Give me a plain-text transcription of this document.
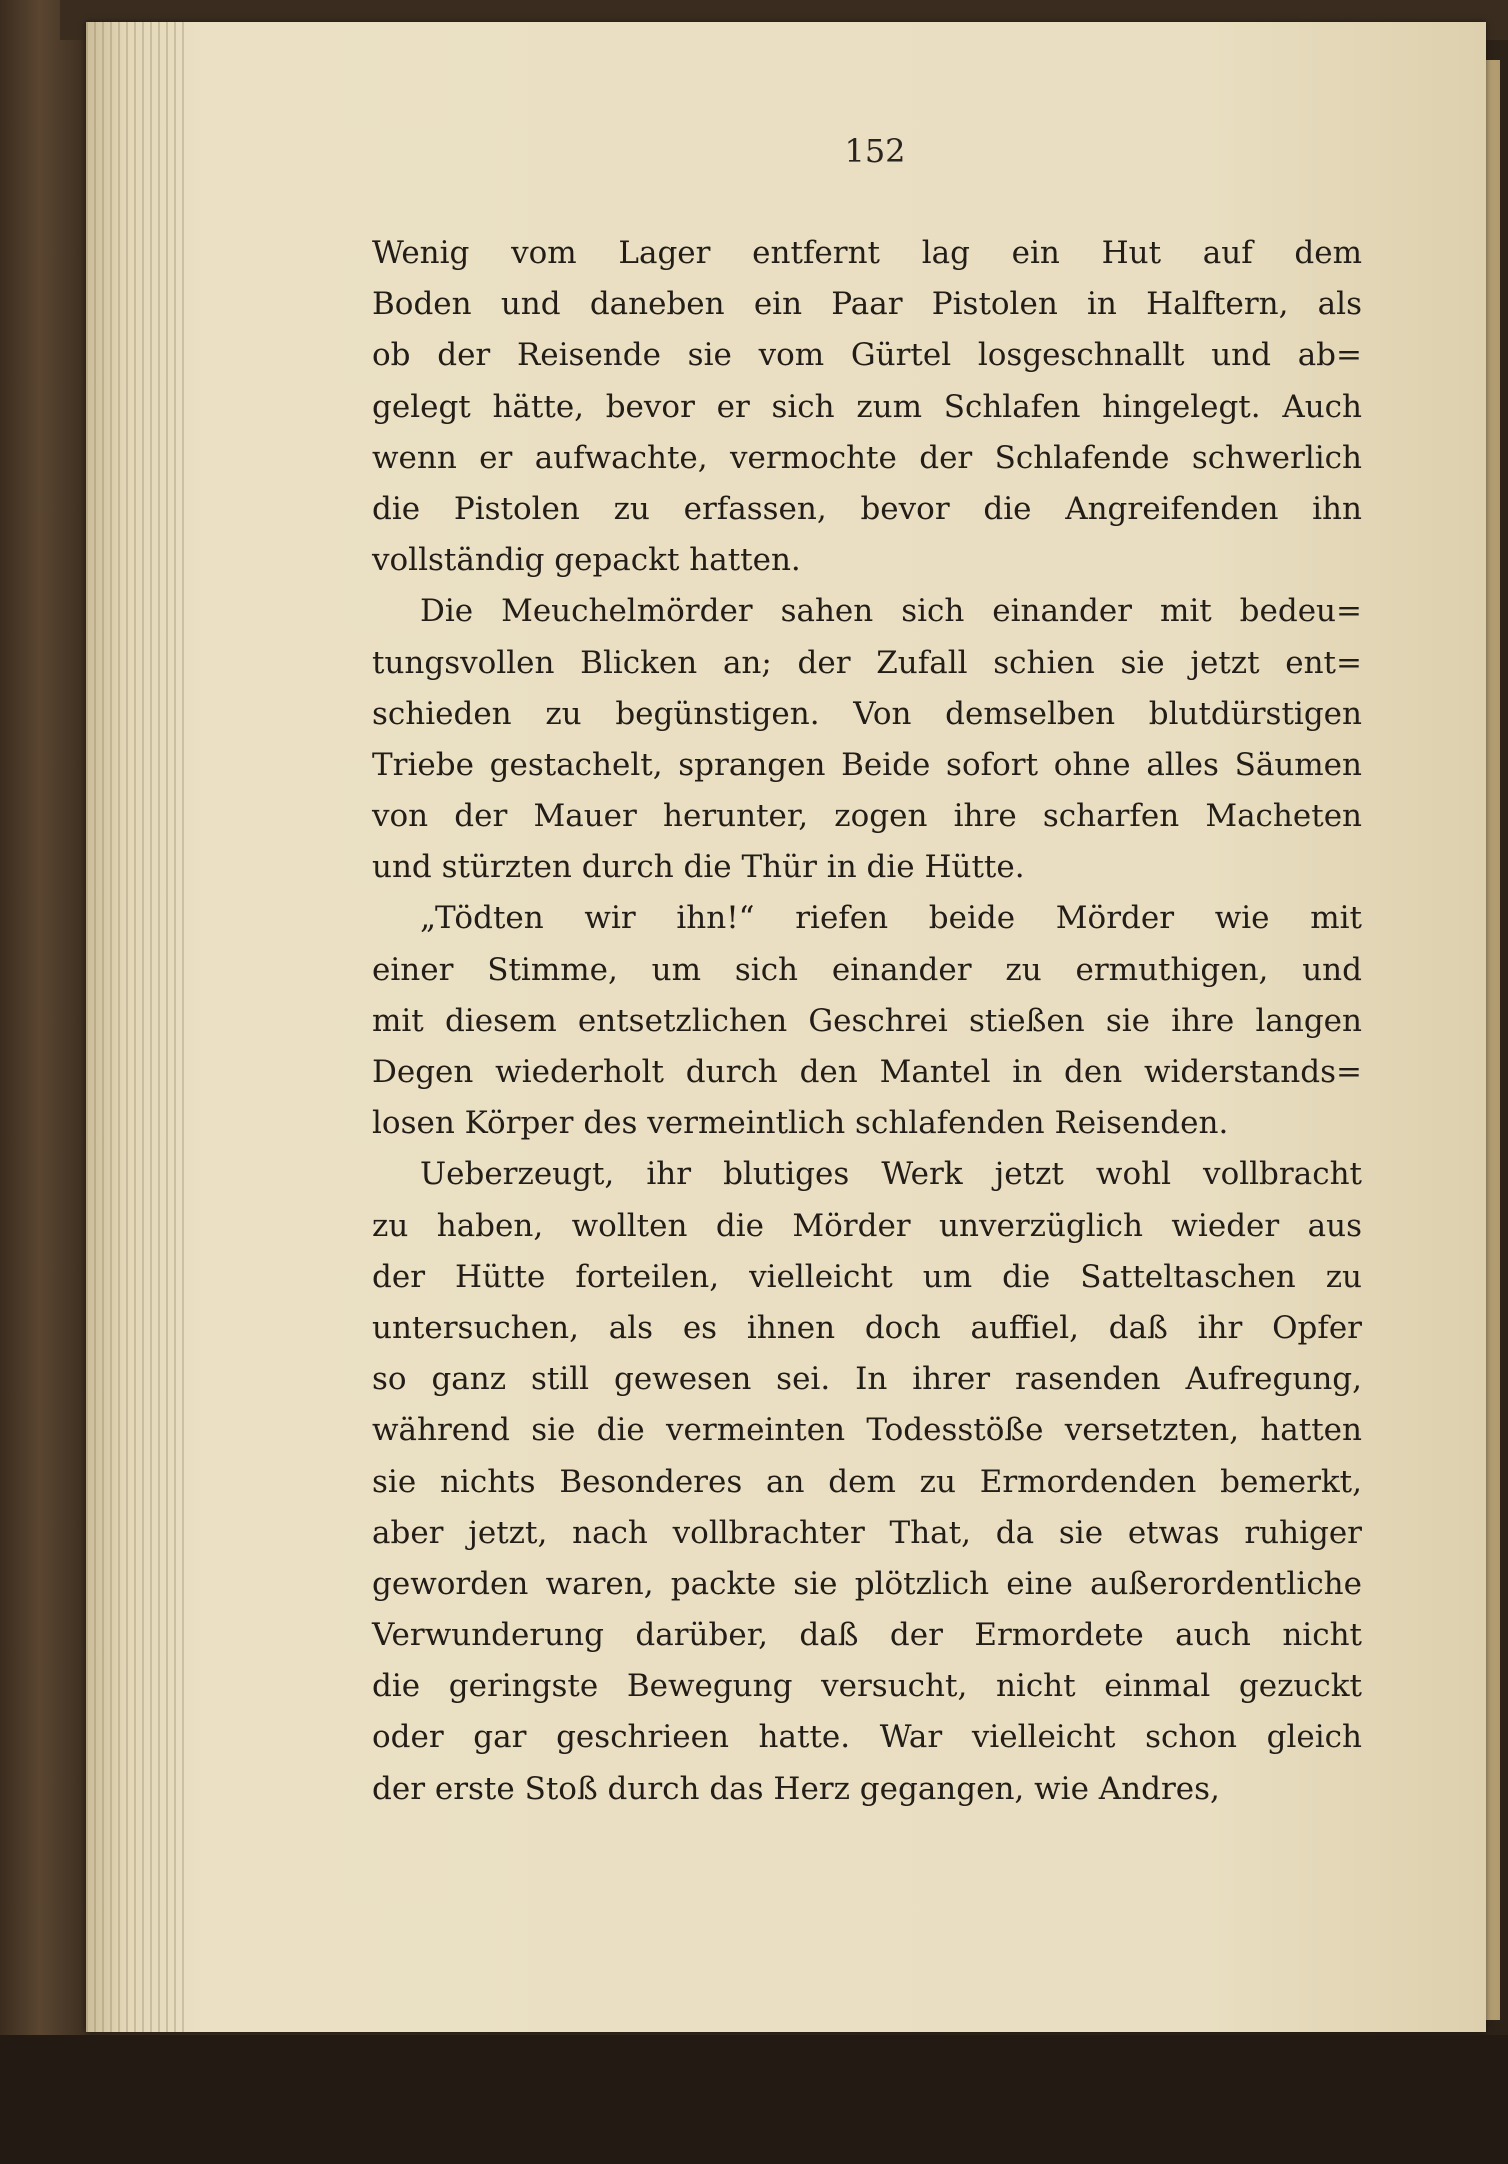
152
Wenig vom Lager entfernt lag ein Hut auf dem
Boden und daneben ein Paar Pistolen in Halftern, als
ob der Reisende sie vom Gürtel losgeschnallt und ab=
gelegt hätte, bevor er sich zum Schlafen hingelegt. Auch
wenn er aufwachte, vermochte der Schlafende schwerlich
die Pistolen zu erfassen, bevor die Angreifenden ihn
vollständig gepackt hatten.
Die Meuchelmörder sahen sich einander mit bedeu=
tungsvollen Blicken an; der Zufall schien sie jetzt ent=
schieden zu begünstigen. Von demselben blutdürstigen
Triebe gestachelt, sprangen Beide sofort ohne alles Säumen
von der Mauer herunter, zogen ihre scharfen Macheten
und stürzten durch die Thür in die Hütte.
„Tödten wir ihn!“ riefen beide Mörder wie mit
einer Stimme, um sich einander zu ermuthigen, und
mit diesem entsetzlichen Geschrei stießen sie ihre langen
Degen wiederholt durch den Mantel in den widerstands=
losen Körper des vermeintlich schlafenden Reisenden.
Ueberzeugt, ihr blutiges Werk jetzt wohl vollbracht
zu haben, wollten die Mörder unverzüglich wieder aus
der Hütte forteilen, vielleicht um die Satteltaschen zu
untersuchen, als es ihnen doch auffiel, daß ihr Opfer
so ganz still gewesen sei. In ihrer rasenden Aufregung,
während sie die vermeinten Todesstöße versetzten, hatten
sie nichts Besonderes an dem zu Ermordenden bemerkt,
aber jetzt, nach vollbrachter That, da sie etwas ruhiger
geworden waren, packte sie plötzlich eine außerordentliche
Verwunderung darüber, daß der Ermordete auch nicht
die geringste Bewegung versucht, nicht einmal gezuckt
oder gar geschrieen hatte. War vielleicht schon gleich
der erste Stoß durch das Herz gegangen, wie Andres,
